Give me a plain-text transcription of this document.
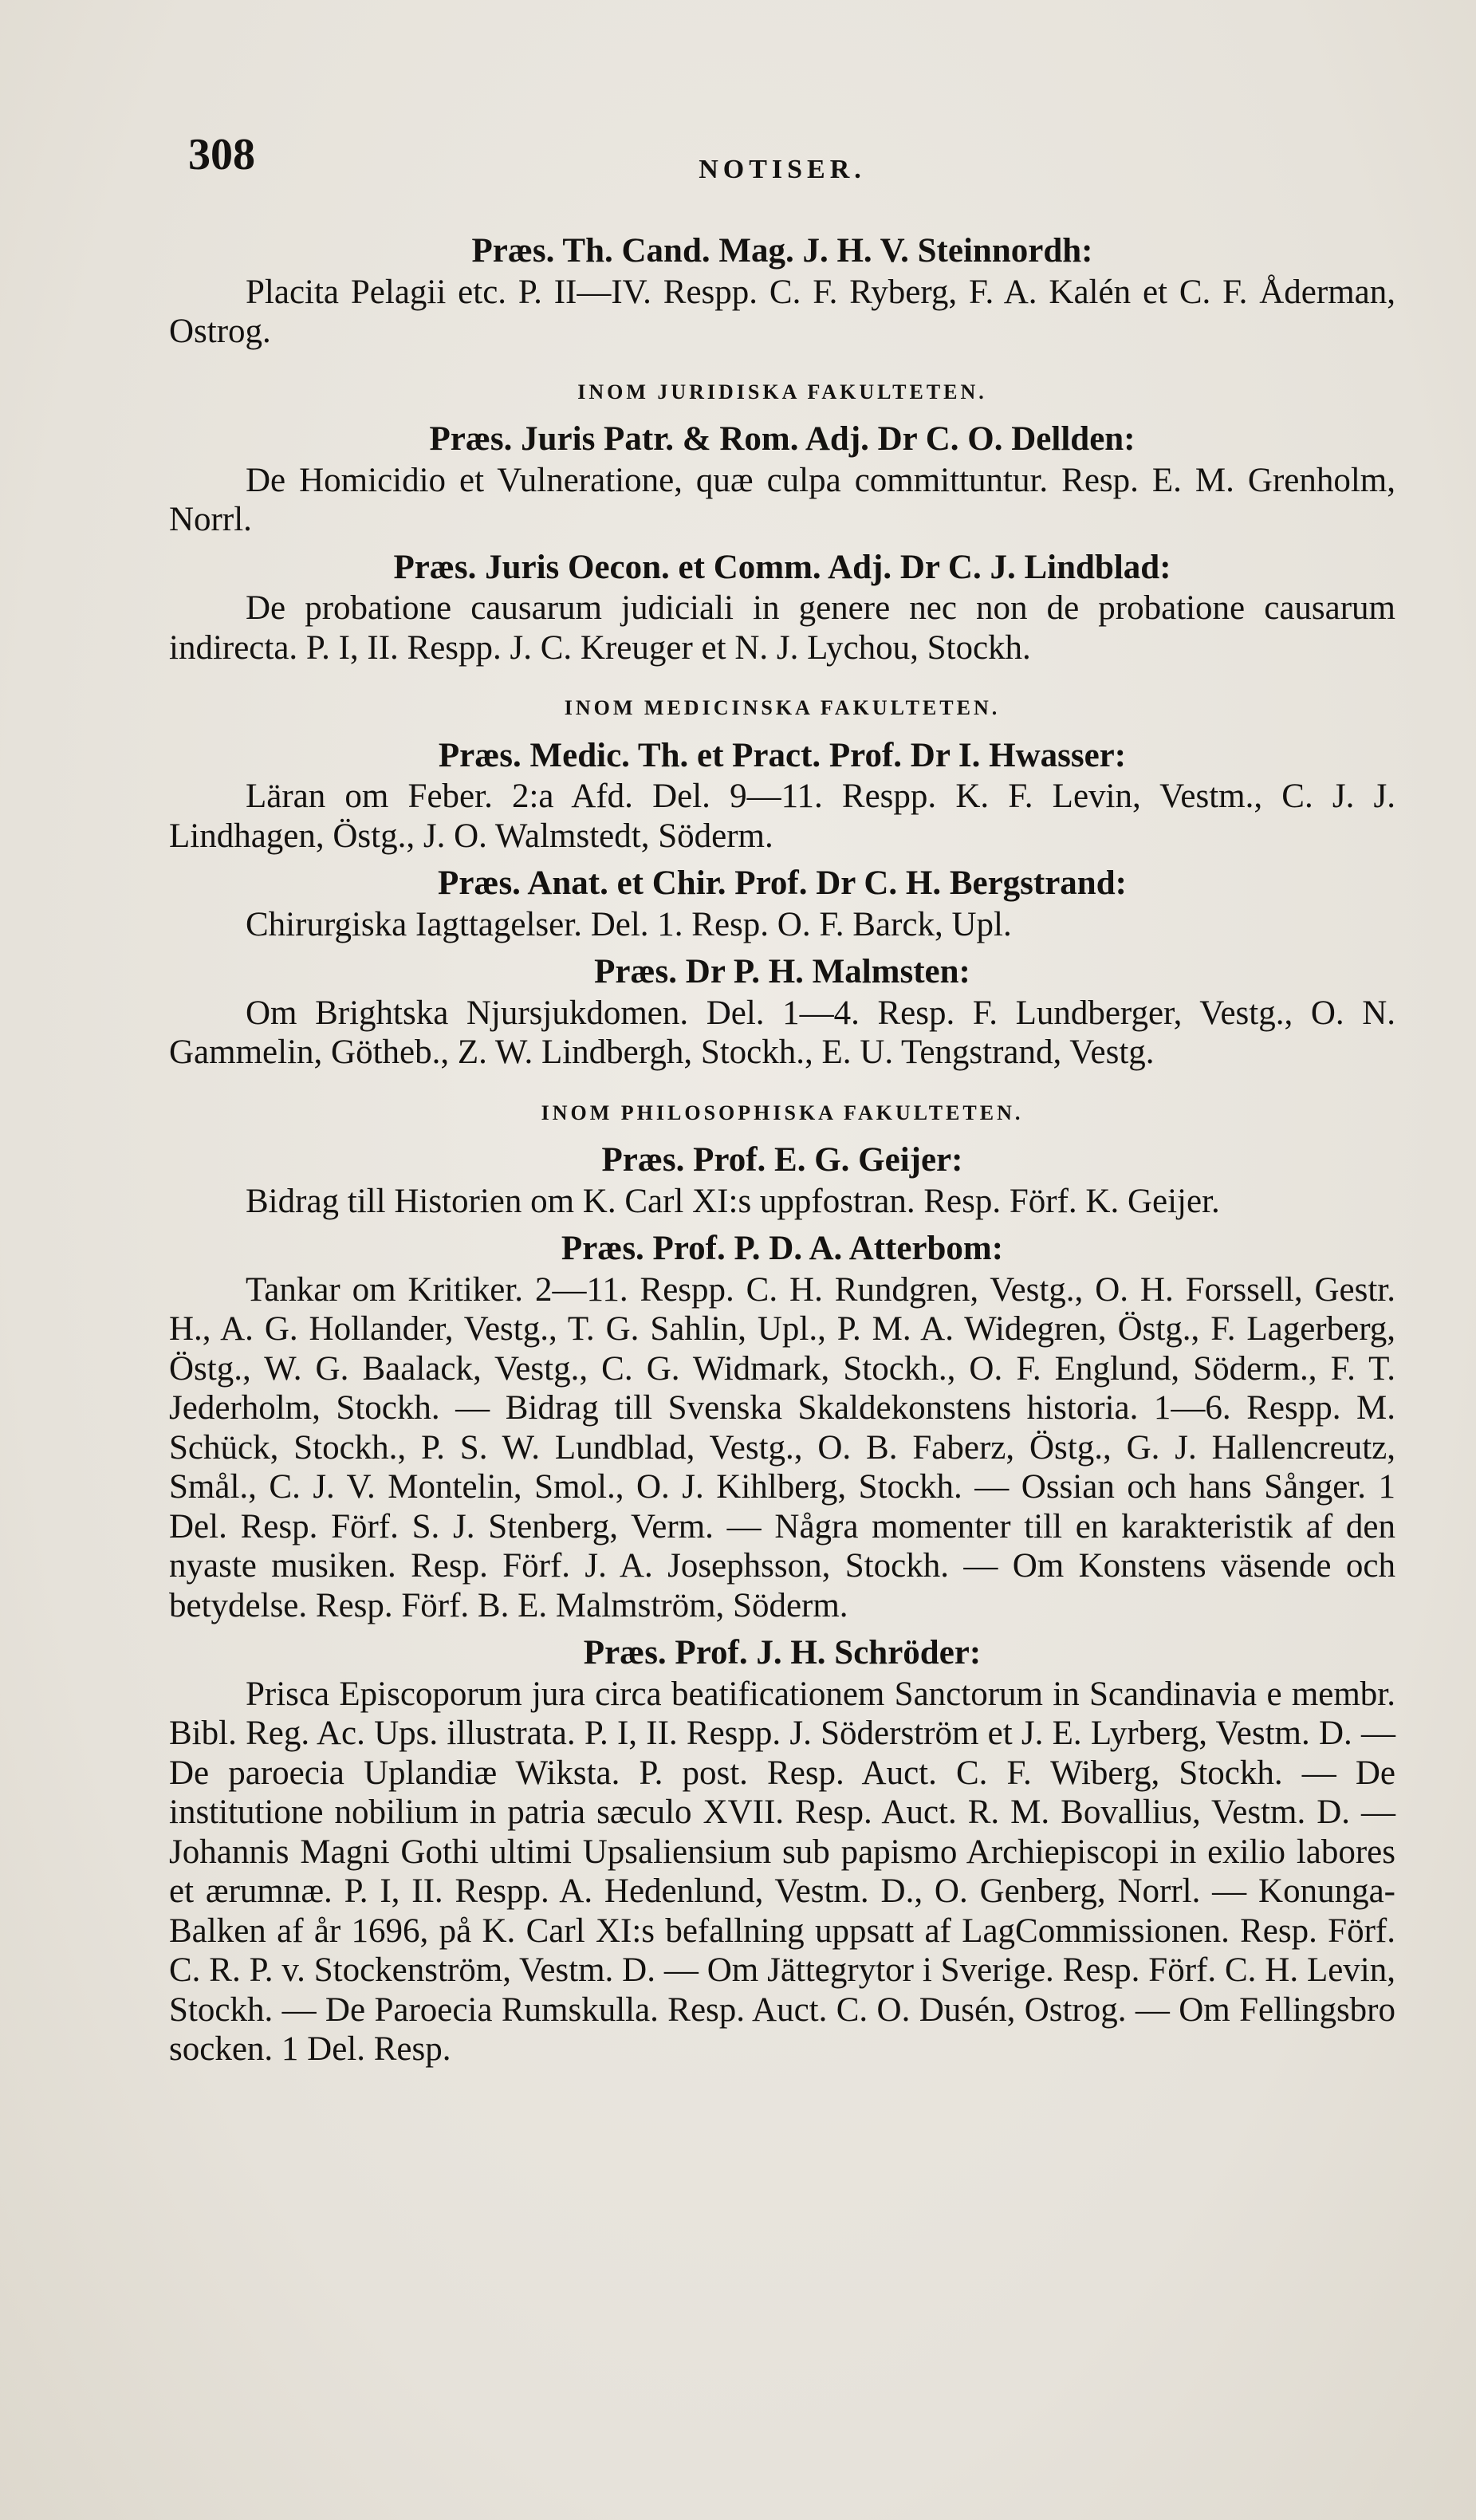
308	NOTISER.
Præs. Th. Cand. Mag. J. H. V. Steinnordh:
Placita Pelagii etc. P. II—IV. Respp. C. F. Ryberg, F. A. Kalén et C. F. Åderman, Ostrog.
INOM JURIDISKA FAKULTETEN.
Præs. Juris Patr. & Rom. Adj. Dr C. O. Dellden:
De Homicidio et Vulneratione, quæ culpa committuntur. Resp. E. M. Grenholm, Norrl.
Præs. Juris Oecon. et Comm. Adj. Dr C. J. Lindblad:
De probatione causarum judiciali in genere nec non de probatione causarum indirecta. P. I, II. Respp. J. C. Kreuger et N. J. Lychou, Stockh.
INOM MEDICINSKA FAKULTETEN.
Præs. Medic. Th. et Pract. Prof. Dr I. Hwasser:
Läran om Feber. 2:a Afd. Del. 9—11. Respp. K. F. Levin, Vestm., C. J. J. Lindhagen, Östg., J. O. Walmstedt, Söderm.
Præs. Anat. et Chir. Prof. Dr C. H. Bergstrand:
Chirurgiska Iagttagelser. Del. 1. Resp. O. F. Barck, Upl.
Præs. Dr P. H. Malmsten:
Om Brightska Njursjukdomen. Del. 1—4. Resp. F. Lundberger, Vestg., O. N. Gammelin, Götheb., Z. W. Lindbergh, Stockh., E. U. Tengstrand, Vestg.
INOM PHILOSOPHISKA FAKULTETEN.
Præs. Prof. E. G. Geijer:
Bidrag till Historien om K. Carl XI:s uppfostran. Resp. Förf. K. Geijer.
Præs. Prof. P. D. A. Atterbom:
Tankar om Kritiker. 2—11. Respp. C. H. Rundgren, Vestg., O. H. Forssell, Gestr. H., A. G. Hollander, Vestg., T. G. Sahlin, Upl., P. M. A. Widegren, Östg., F. Lagerberg, Östg., W. G. Baalack, Vestg., C. G. Widmark, Stockh., O. F. Englund, Söderm., F. T. Jederholm, Stockh. — Bidrag till Svenska Skaldekonstens historia. 1—6. Respp. M. Schück, Stockh., P. S. W. Lundblad, Vestg., O. B. Faberz, Östg., G. J. Hallencreutz, Smål., C. J. V. Montelin, Smol., O. J. Kihlberg, Stockh. — Ossian och hans Sånger. 1 Del. Resp. Förf. S. J. Stenberg, Verm. — Några momenter till en karakteristik af den nyaste musiken. Resp. Förf. J. A. Josephsson, Stockh. — Om Konstens väsende och betydelse. Resp. Förf. B. E. Malmström, Söderm.
Præs. Prof. J. H. Schröder:
Prisca Episcoporum jura circa beatificationem Sanctorum in Scandinavia e membr. Bibl. Reg. Ac. Ups. illustrata. P. I, II. Respp. J. Söderström et J. E. Lyrberg, Vestm. D. — De paroecia Uplandiæ Wiksta. P. post. Resp. Auct. C. F. Wiberg, Stockh. — De institutione nobilium in patria sæculo XVII. Resp. Auct. R. M. Bovallius, Vestm. D. — Johannis Magni Gothi ultimi Upsaliensium sub papismo Archiepiscopi in exilio labores et ærumnæ. P. I, II. Respp. A. Hedenlund, Vestm. D., O. Genberg, Norrl. — Konunga-Balken af år 1696, på K. Carl XI:s befallning uppsatt af LagCommissionen. Resp. Förf. C. R. P. v. Stockenström, Vestm. D. — Om Jättegrytor i Sverige. Resp. Förf. C. H. Levin, Stockh. — De Paroecia Rumskulla. Resp. Auct. C. O. Dusén, Ostrog. — Om Fellingsbro socken. 1 Del. Resp.
